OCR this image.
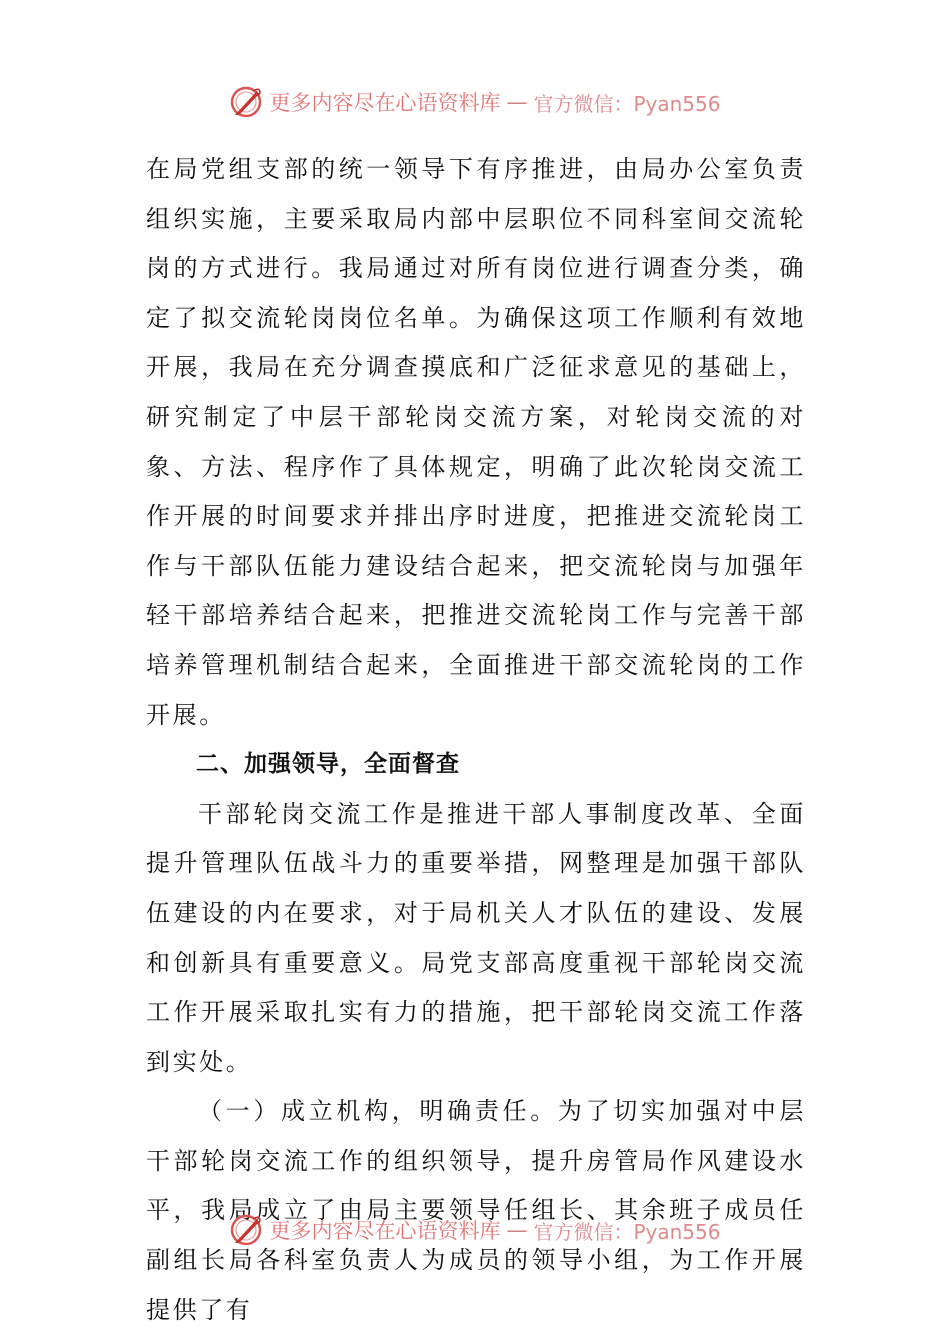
更多内容尽在心语资料库 — 官方微信：Pyan556

在局党组支部的统一领导下有序推进，由局办公室负责组织实施，主要采取局内部中层职位不同科室间交流轮岗的方式进行。我局通过对所有岗位进行调查分类，确定了拟交流轮岗岗位名单。为确保这项工作顺利有效地开展，我局在充分调查摸底和广泛征求意见的基础上，研究制定了中层干部轮岗交流方案，对轮岗交流的对象、方法、程序作了具体规定，明确了此次轮岗交流工作开展的时间要求并排出序时进度，把推进交流轮岗工作与干部队伍能力建设结合起来，把交流轮岗与加强年轻干部培养结合起来，把推进交流轮岗工作与完善干部培养管理机制结合起来，全面推进干部交流轮岗的工作开展。

二、加强领导，全面督查

干部轮岗交流工作是推进干部人事制度改革、全面提升管理队伍战斗力的重要举措，网整理是加强干部队伍建设的内在要求，对于局机关人才队伍的建设、发展和创新具有重要意义。局党支部高度重视干部轮岗交流工作开展采取扎实有力的措施，把干部轮岗交流工作落到实处。

（一）成立机构，明确责任。为了切实加强对中层干部轮岗交流工作的组织领导，提升房管局作风建设水平，我局成立了由局主要领导任组长、其余班子成员任副组长局各科室负责人为成员的领导小组，为工作开展提供了有

更多内容尽在心语资料库 — 官方微信：Pyan556
